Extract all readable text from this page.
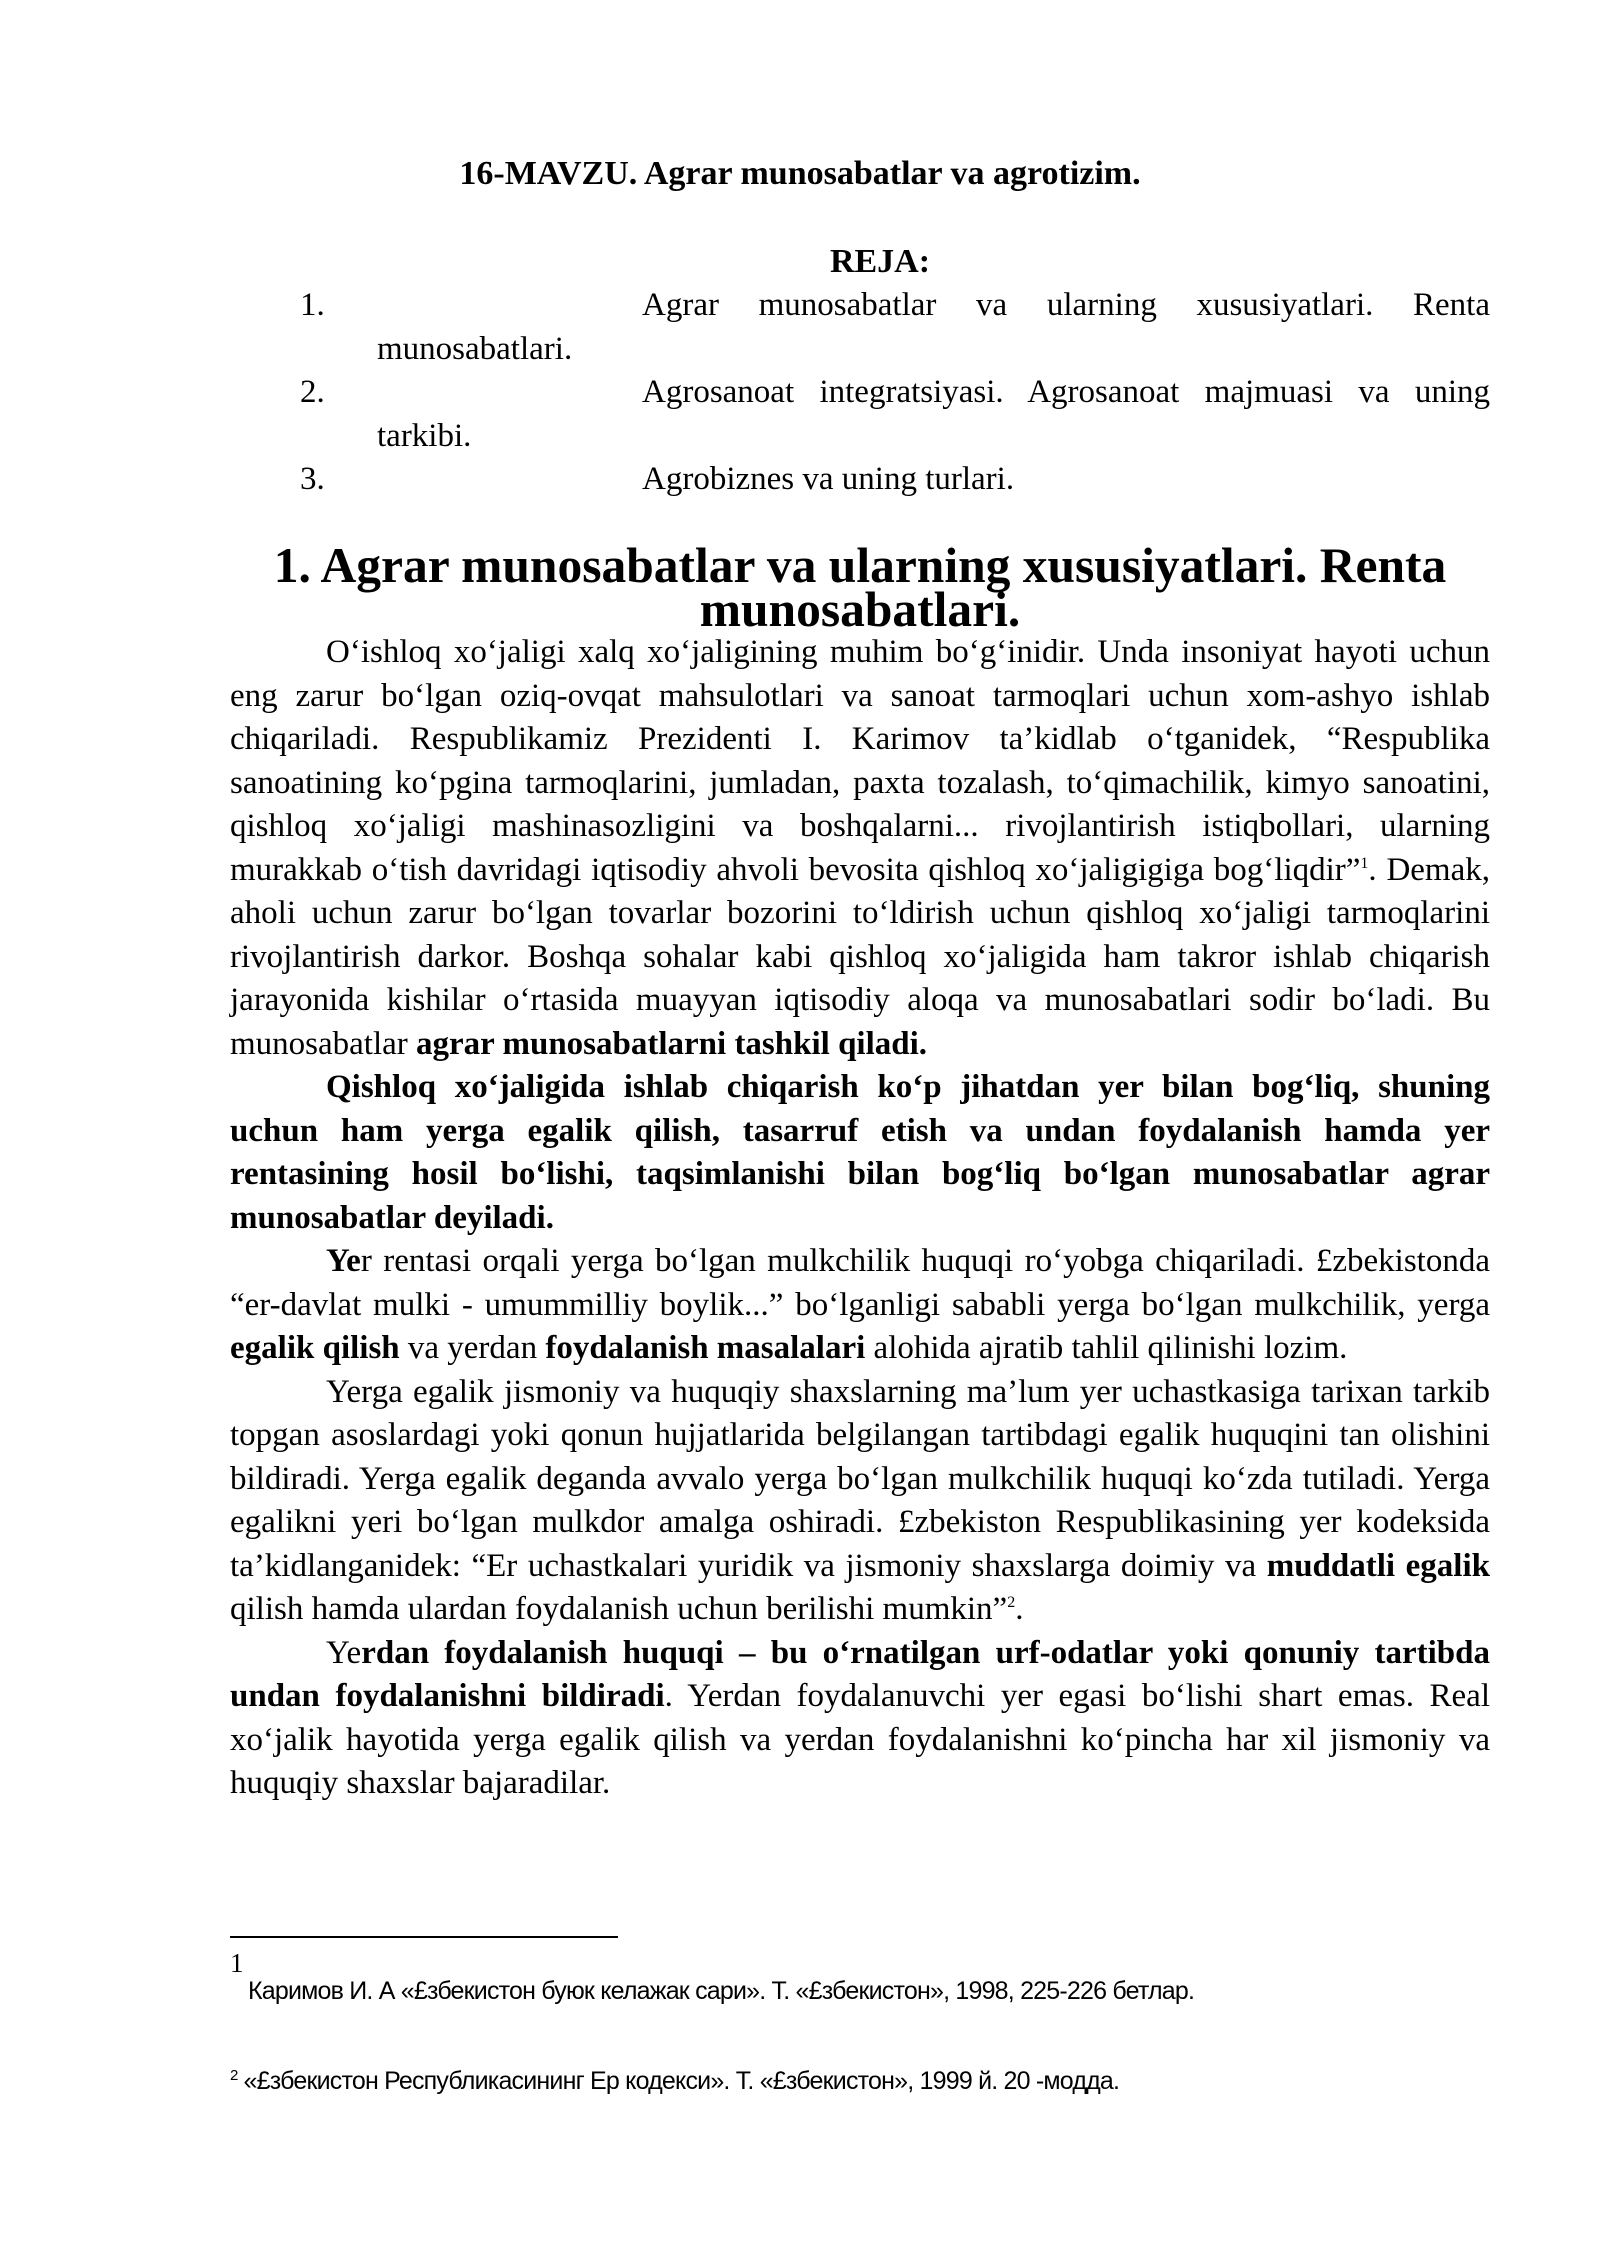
16-MAVZU. Agrar munosabatlar va agrotizim.
REJA:
1.	Agrar munosabatlar va ularning xususiyatlari. Renta munosabatlari.
2.	Agrosanoat integratsiyasi. Agrosanoat majmuasi va uning tarkibi.
3.	Agrobiznes va uning turlari.
1. Agrar munosabatlar va ularning xususiyatlari. Renta munosabatlari.

O‘ishloq xo‘jaligi xalq xo‘jaligining muhim bo‘g‘inidir. Unda insoniyat hayoti uchun eng zarur bo‘lgan oziq-ovqat mahsulotlari va sanoat tarmoqlari uchun xom-ashyo ishlab chiqariladi. Respublikamiz Prezidenti I. Karimov ta’kidlab o‘tganidek, “Respublika sanoatining ko‘pgina tarmoqlarini, jumladan, paxta tozalash, to‘qimachilik, kimyo sanoatini, qishloq xo‘jaligi mashinasozligini va boshqalarni... rivojlantirish istiqbollari, ularning murakkab o‘tish davridagi iqtisodiy ahvoli bevosita qishloq xo‘jaligigiga bog‘liqdir”$^1$. Demak, aholi uchun zarur bo‘lgan tovarlar bozorini to‘ldirish uchun qishloq xo‘jaligi tarmoqlarini rivojlantirish darkor. Boshqa sohalar kabi qishloq xo‘jaligida ham takror ishlab chiqarish jarayonida kishilar o‘rtasida muayyan iqtisodiy aloqa va munosabatlari sodir bo‘ladi. Bu munosabatlar agrar munosabatlarni tashkil qiladi.

Qishloq xo‘jaligida ishlab chiqarish ko‘p jihatdan yer bilan bog‘liq, shuning uchun ham yerga egalik qilish, tasarruf etish va undan foydalanish hamda yer rentasining hosil bo‘lishi, taqsimlanishi bilan bog‘liq bo‘lgan munosabatlar agrar munosabatlar deyiladi.

Yer rentasi orqali yerga bo‘lgan mulkchilik huquqi ro‘yobga chiqariladi. £zbekistonda “er-davlat mulki - umummilliy boylik...” bo‘lganligi sababli yerga bo‘lgan mulkchilik, yerga egalik qilish va yerdan foydalanish masalalari alohida ajratib tahlil qilinishi lozim.

Yerga egalik jismoniy va huquqiy shaxslarning ma’lum yer uchastkasiga tarixan tarkib topgan asoslardagi yoki qonun hujjatlarida belgilangan tartibdagi egalik huquqini tan olishini bildiradi. Yerga egalik deganda avvalo yerga bo‘lgan mulkchilik huquqi ko‘zda tutiladi. Yerga egalikni yeri bo‘lgan mulkdor amalga oshiradi. £zbekiston Respublikasining yer kodeksida ta’kidlanganidek: “Er uchastkalari yuridik va jismoniy shaxslarga doimiy va muddatli egalik qilish hamda ulardan foydalanish uchun berilishi mumkin”$^2$.

Yerdan foydalanish huquqi – bu o‘rnatilgan urf-odatlar yoki qonuniy tartibda undan foydalanishni bildiradi. Yerdan foydalanuvchi yer egasi bo‘lishi shart emas. Real xo‘jalik hayotida yerga egalik qilish va yerdan foydalanishni ko‘pincha har xil jismoniy va huquqiy shaxslar bajaradilar.

1
Каримов И. А «£збекистон буюк келажак сари». Т. «£збекистон», 1998, 225-226 бетлар.
$^2$ «£збекистон Республикасининг Ер кодекси». Т. «£збекистон», 1999 й. 20 -модда.
